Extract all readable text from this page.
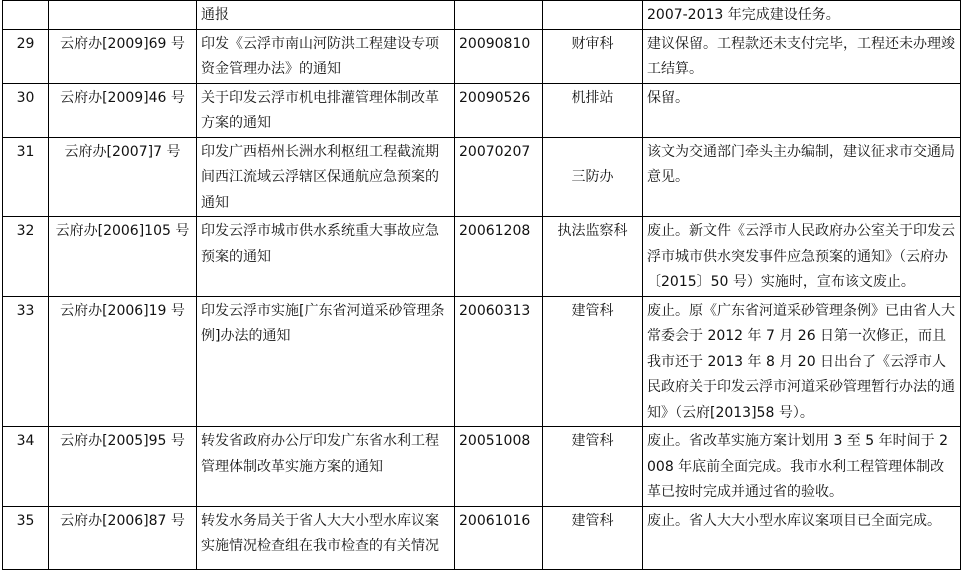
		通报			2007-2013 年完成建设任务。
29	云府办[2009]69 号	印发《云浮市南山河防洪工程建设专项资金管理办法》的通知	20090810	财审科	建议保留。工程款还未支付完毕，工程还未办理竣工结算。
30	云府办[2009]46 号	关于印发云浮市机电排灌管理体制改革方案的通知	20090526	机排站	保留。
31	云府办[2007]7 号	印发广西梧州长洲水利枢纽工程截流期间西江流域云浮辖区保通航应急预案的通知	20070207	三防办	该文为交通部门牵头主办编制，建议征求市交通局意见。
32	云府办[2006]105 号	印发云浮市城市供水系统重大事故应急预案的通知	20061208	执法监察科	废止。新文件《云浮市人民政府办公室关于印发云浮市城市供水突发事件应急预案的通知》（云府办〔2015〕50 号）实施时，宣布该文废止。
33	云府办[2006]19 号	印发云浮市实施[广东省河道采砂管理条例]办法的通知	20060313	建管科	废止。原《广东省河道采砂管理条例》已由省人大常委会于 2012 年 7 月 26 日第一次修正，而且我市还于 2013 年 8 月 20 日出台了《云浮市人民政府关于印发云浮市河道采砂管理暂行办法的通知》（云府[2013]58 号）。
34	云府办[2005]95 号	转发省政府办公厅印发广东省水利工程管理体制改革实施方案的通知	20051008	建管科	废止。省改革实施方案计划用 3 至 5 年时间于 2008 年底前全面完成。我市水利工程管理体制改革已按时完成并通过省的验收。
35	云府办[2006]87 号	转发水务局关于省人大大小型水库议案实施情况检查组在我市检查的有关情况	20061016	建管科	废止。省人大大小型水库议案项目已全面完成。
